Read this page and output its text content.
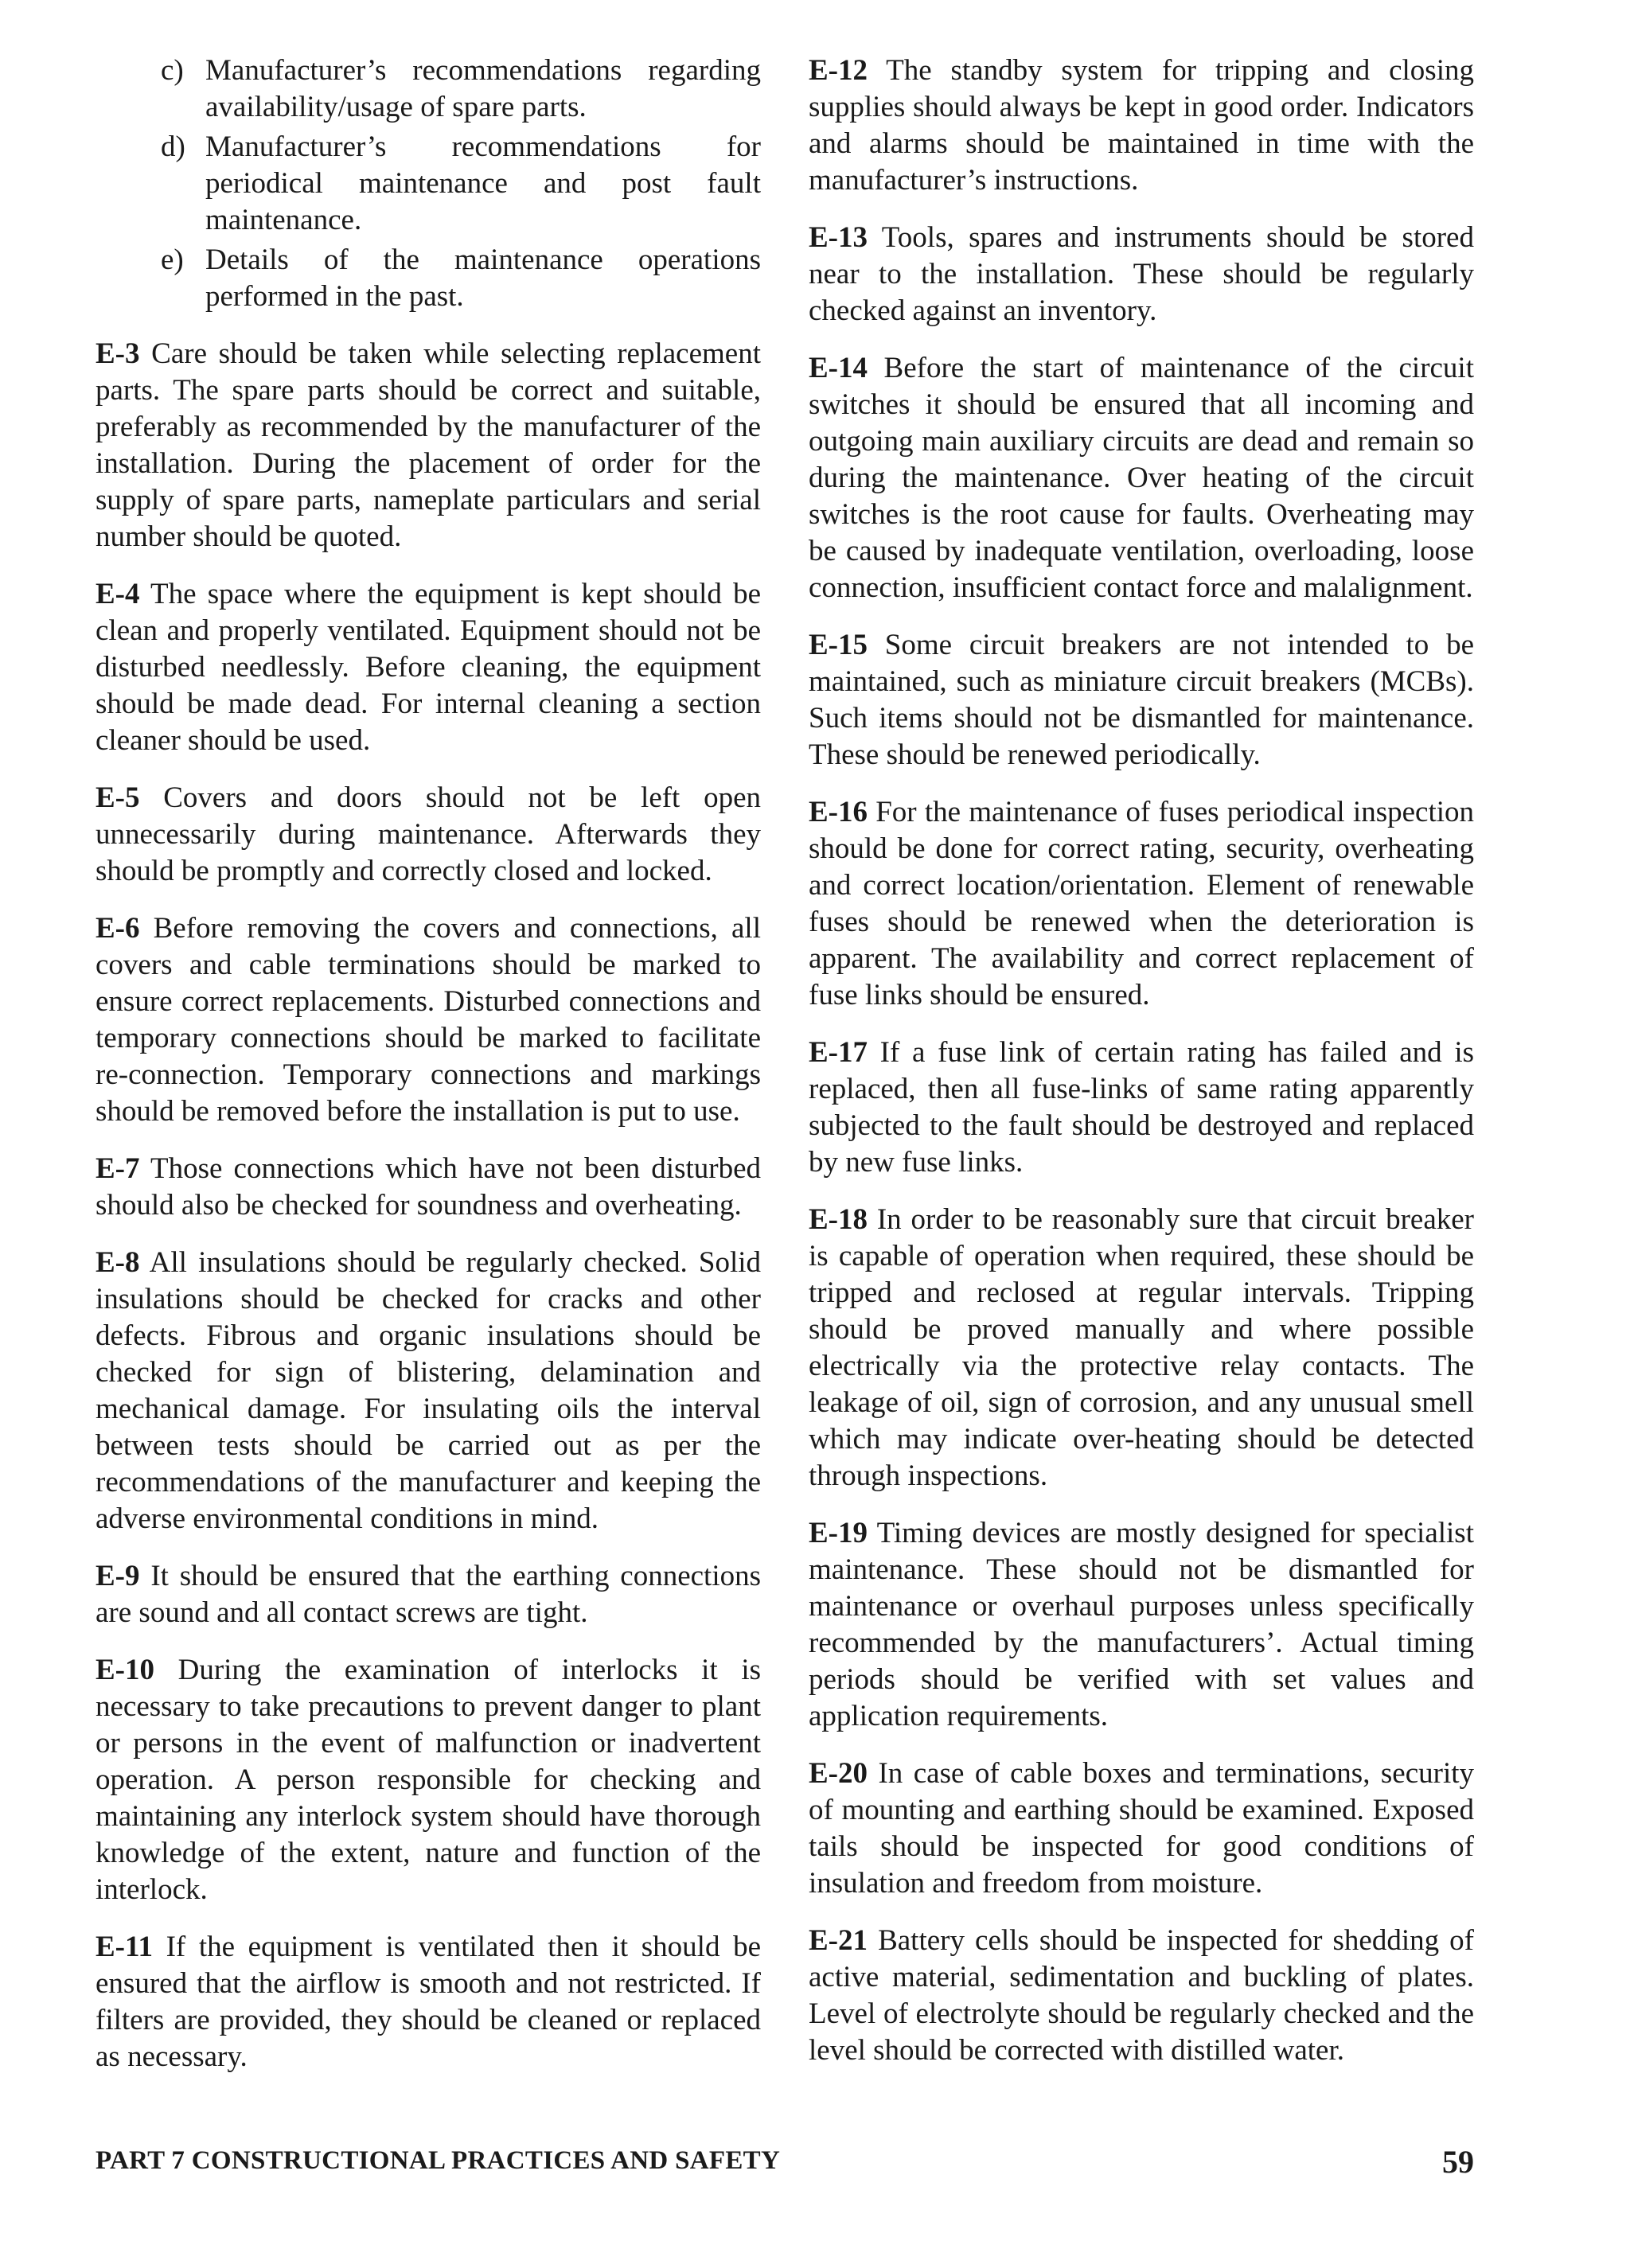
c) Manufacturer’s recommendations regarding availability/usage of spare parts.
d) Manufacturer’s recommendations for periodical maintenance and post fault maintenance.
e) Details of the maintenance operations performed in the past.

E-3 Care should be taken while selecting replacement parts. The spare parts should be correct and suitable, preferably as recommended by the manufacturer of the installation. During the placement of order for the supply of spare parts, nameplate particulars and serial number should be quoted.

E-4 The space where the equipment is kept should be clean and properly ventilated. Equipment should not be disturbed needlessly. Before cleaning, the equipment should be made dead. For internal cleaning a section cleaner should be used.

E-5 Covers and doors should not be left open unnecessarily during maintenance. Afterwards they should be promptly and correctly closed and locked.

E-6 Before removing the covers and connections, all covers and cable terminations should be marked to ensure correct replacements. Disturbed connections and temporary connections should be marked to facilitate re-connection. Temporary connections and markings should be removed before the installation is put to use.

E-7 Those connections which have not been disturbed should also be checked for soundness and overheating.

E-8 All insulations should be regularly checked. Solid insulations should be checked for cracks and other defects. Fibrous and organic insulations should be checked for sign of blistering, delamination and mechanical damage. For insulating oils the interval between tests should be carried out as per the recommendations of the manufacturer and keeping the adverse environmental conditions in mind.

E-9 It should be ensured that the earthing connections are sound and all contact screws are tight.

E-10 During the examination of interlocks it is necessary to take precautions to prevent danger to plant or persons in the event of malfunction or inadvertent operation. A person responsible for checking and maintaining any interlock system should have thorough knowledge of the extent, nature and function of the interlock.

E-11 If the equipment is ventilated then it should be ensured that the airflow is smooth and not restricted. If filters are provided, they should be cleaned or replaced as necessary.

E-12 The standby system for tripping and closing supplies should always be kept in good order. Indicators and alarms should be maintained in time with the manufacturer’s instructions.

E-13 Tools, spares and instruments should be stored near to the installation. These should be regularly checked against an inventory.

E-14 Before the start of maintenance of the circuit switches it should be ensured that all incoming and outgoing main auxiliary circuits are dead and remain so during the maintenance. Over heating of the circuit switches is the root cause for faults. Overheating may be caused by inadequate ventilation, overloading, loose connection, insufficient contact force and malalignment.

E-15 Some circuit breakers are not intended to be maintained, such as miniature circuit breakers (MCBs). Such items should not be dismantled for maintenance. These should be renewed periodically.

E-16 For the maintenance of fuses periodical inspection should be done for correct rating, security, overheating and correct location/orientation. Element of renewable fuses should be renewed when the deterioration is apparent. The availability and correct replacement of fuse links should be ensured.

E-17 If a fuse link of certain rating has failed and is replaced, then all fuse-links of same rating apparently subjected to the fault should be destroyed and replaced by new fuse links.

E-18 In order to be reasonably sure that circuit breaker is capable of operation when required, these should be tripped and reclosed at regular intervals. Tripping should be proved manually and where possible electrically via the protective relay contacts. The leakage of oil, sign of corrosion, and any unusual smell which may indicate over-heating should be detected through inspections.

E-19 Timing devices are mostly designed for specialist maintenance. These should not be dismantled for maintenance or overhaul purposes unless specifically recommended by the manufacturers’. Actual timing periods should be verified with set values and application requirements.

E-20 In case of cable boxes and terminations, security of mounting and earthing should be examined. Exposed tails should be inspected for good conditions of insulation and freedom from moisture.

E-21 Battery cells should be inspected for shedding of active material, sedimentation and buckling of plates. Level of electrolyte should be regularly checked and the level should be corrected with distilled water.

PART 7 CONSTRUCTIONAL PRACTICES AND SAFETY	59
